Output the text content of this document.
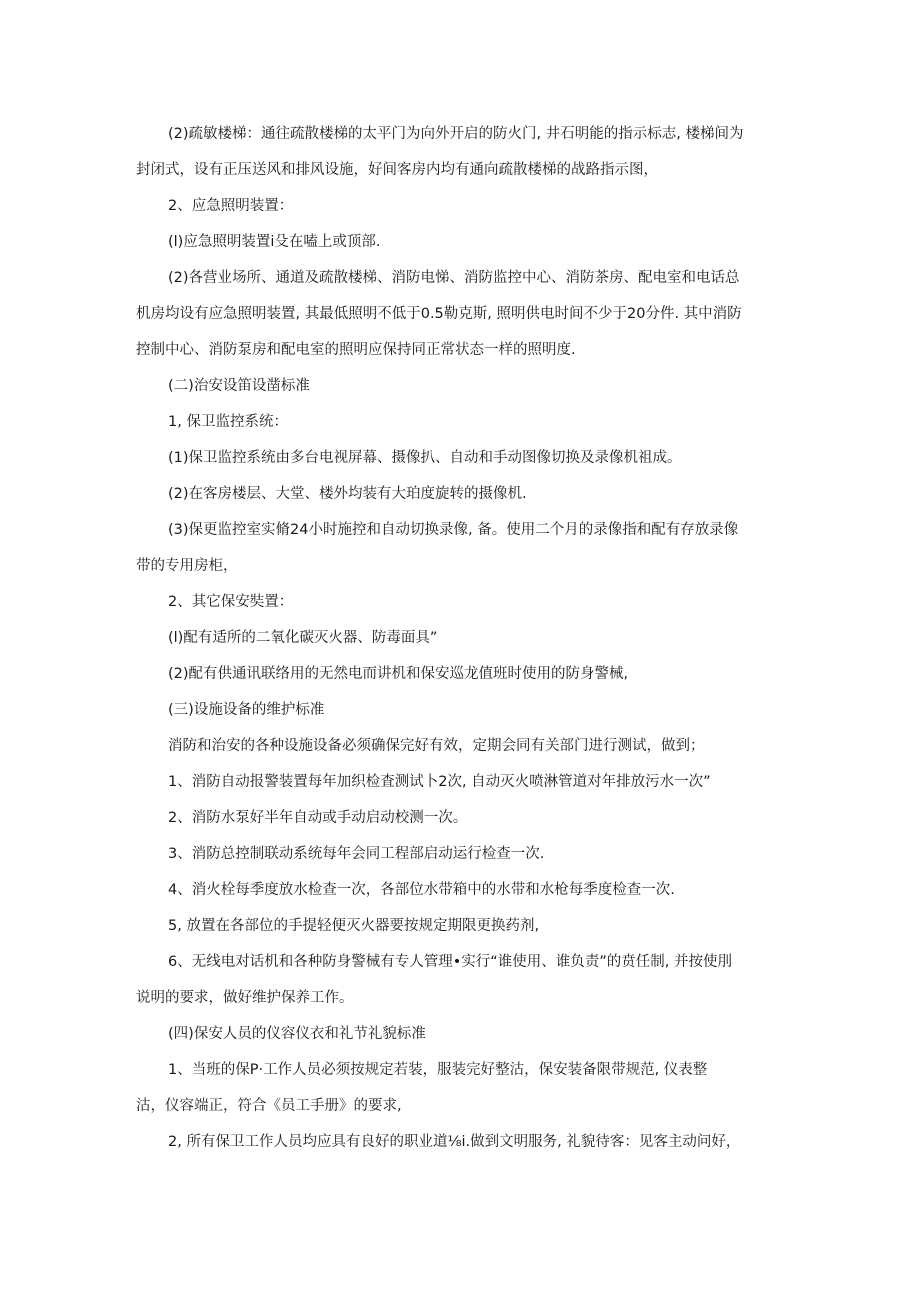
(2)疏敏楼梯：通往疏散楼梯的太平门为向外开启的防火门, 井石明能的指示标志, 楼梯间为
封闭式，设有正压送风和排风设施，好间客房内均有通向疏散楼梯的战路指示图，
2、应急照明装置：
(l)应急照明装置i殳在嗑上或顶部.
(2)各营业场所、通道及疏散楼梯、消防电悌、消防监控中心、消防茶房、配电室和电话总
机房均设有应急照明装置, 其最低照明不低于0.5勒克斯, 照明供电时间不少于20分件. 其中消防
控制中心、消防泵房和配电室的照明应保持同正常状态一样的照明度.
(二)治安设笛设凿标准
1, 保卫监控系统：
(1)保卫监控系统由多台电视屏幕、摄像扒、自动和手动图像切换及录像机祖成。
(2)在客房楼层、大堂、楼外均装有大珀度旋转的摄像机.
(3)保更监控室实脩24小时施控和自动切换录像, 备。使用二个月的录像指和配有存放录像
带的专用房柜，
2、其它保安奘置：
(l)配有适所的二氧化碳灭火器、防毒面具”
(2)配有供通讯联络用的无然电而讲机和保安巡龙值班时使用的防身警械,
(三)设施设备的维护标准
消防和治安的各种设施设备必须确保完好有效，定期会同有关部门进行测试，做到；
1、消防自动报警装置每年加织检査测试卜2次, 自动灭火喷淋管道对年排放污水一次”
2、消防水泵好半年自动或手动启动校测一次。
3、消防总控制联动系统每年会同工程部启动运行检查一次.
4、消火栓每季度放水检查一次，各部位水带箱中的水带和水枪每季度检查一次.
5, 放置在各部位的手提轻便灭火器要按规定期限更换药剂,
6、无线电对话机和各种防身警械有专人管理•实行“谁使用、谁负责”的贲任制, 并按使刖
说明的要求，做好维护保养工作。
(四)保安人员的仪容仪衣和礼节礼貌标准
1、当班的保P·工作人员必须按规定若装，服装完好整沽，保安装备限带规范, 仪表整
沽，仪容端正，符合《员工手册》的要求,
2, 所有保卫工作人员均应具有良好的职业道⅛i.做到文明服务, 礼貌待客：见客主动问好，
